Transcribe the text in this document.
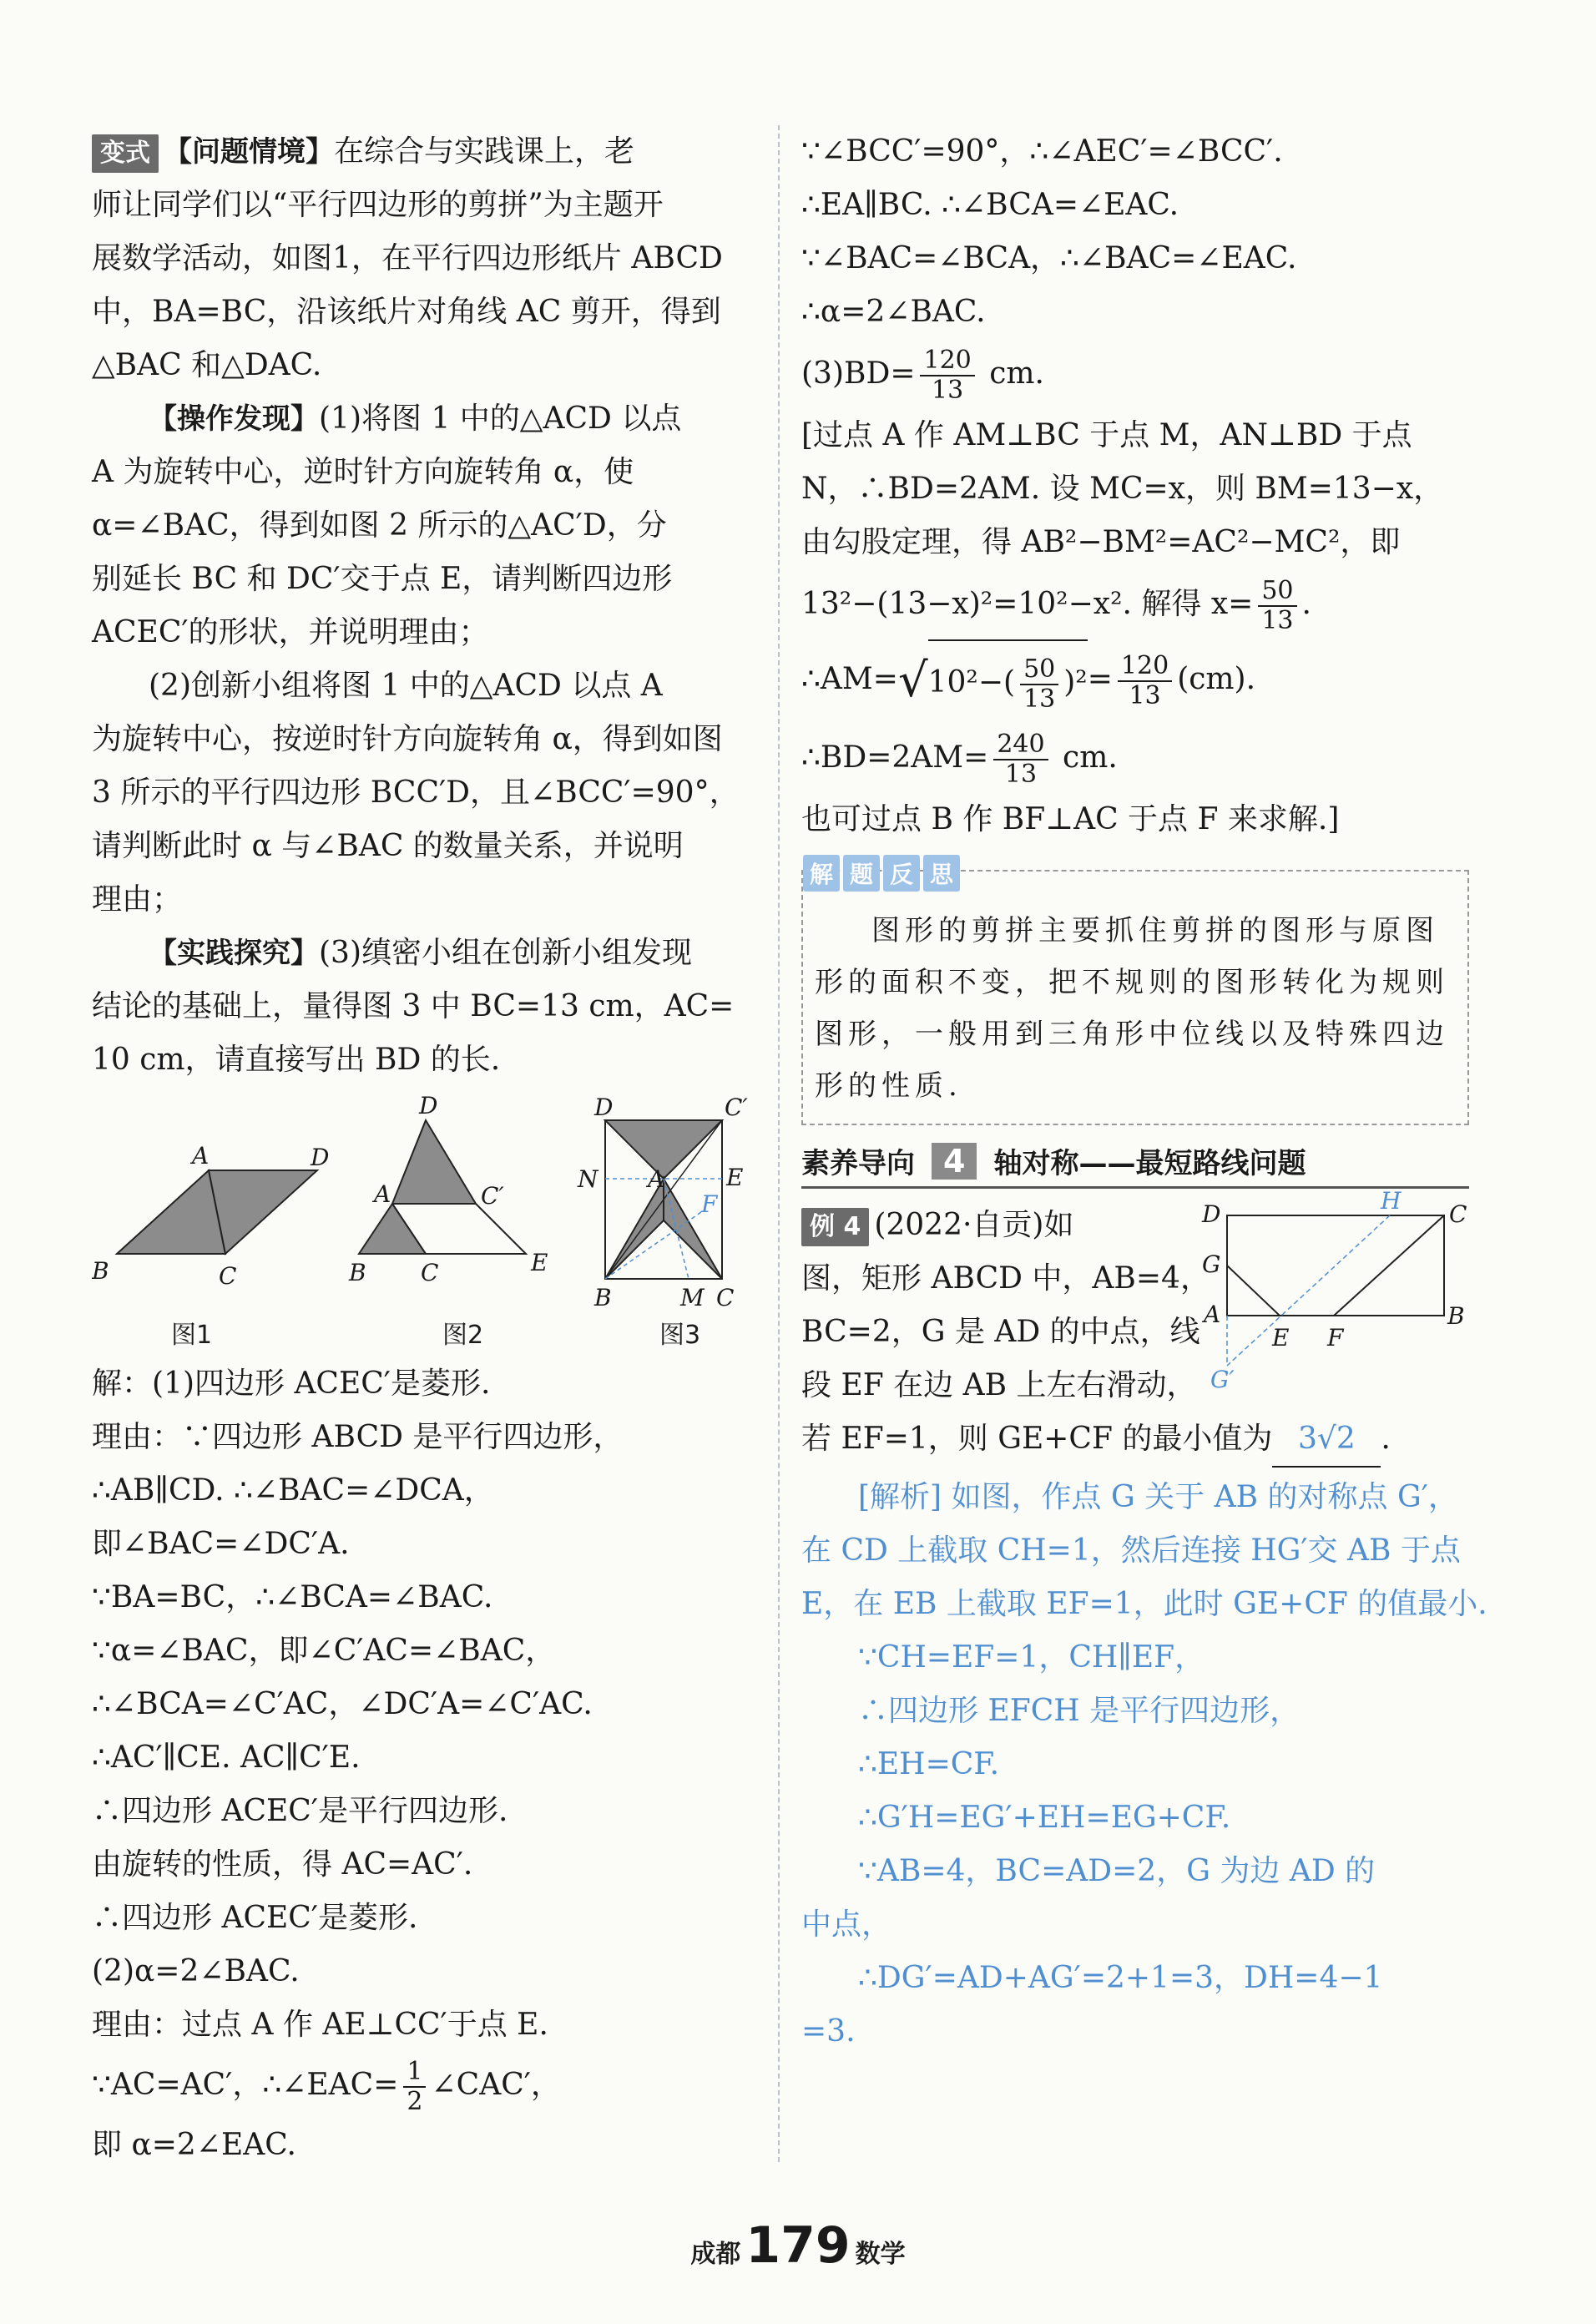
变式 【问题情境】在综合与实践课上，老

师让同学们以“平行四边形的剪拼”为主题开

展数学活动，如图1，在平行四边形纸片 ABCD

中，BA=BC，沿该纸片对角线 AC 剪开，得到

△BAC 和△DAC.

【操作发现】(1)将图 1 中的△ACD 以点

A 为旋转中心，逆时针方向旋转角 α，使

α=∠BAC，得到如图 2 所示的△AC′D，分

别延长 BC 和 DC′交于点 E，请判断四边形

ACEC′的形状，并说明理由；

(2)创新小组将图 1 中的△ACD 以点 A

为旋转中心，按逆时针方向旋转角 α，得到如图

3 所示的平行四边形 BCC′D，且∠BCC′=90°，

请判断此时 α 与∠BAC 的数量关系，并说明

理由；

【实践探究】(3)缜密小组在创新小组发现

结论的基础上，量得图 3 中 BC=13 cm，AC=

10 cm，请直接写出 BD 的长.

A	D
B	C
图1
D
A	C′
B C	E
图2
D	C′
N A	E
F
B	M C
图3

解：(1)四边形 ACEC′是菱形.

理由：∵四边形 ABCD 是平行四边形，

∴AB∥CD. ∴∠BAC=∠DCA，

即∠BAC=∠DC′A.

∵BA=BC，∴∠BCA=∠BAC.

∵α=∠BAC，即∠C′AC=∠BAC，

∴∠BCA=∠C′AC，∠DC′A=∠C′AC.

∴AC′∥CE. AC∥C′E.

∴四边形 ACEC′是平行四边形.

由旋转的性质，得 AC=AC′.

∴四边形 ACEC′是菱形.

(2)α=2∠BAC.

理由：过点 A 作 AE⊥CC′于点 E.

∵AC=AC′，∴∠EAC= $\frac{1}{2}$ ∠CAC′，

即 α=2∠EAC.

∵∠BCC′=90°，∴∠AEC′=∠BCC′.

∴EA∥BC. ∴∠BCA=∠EAC.

∵∠BAC=∠BCA，∴∠BAC=∠EAC.

∴α=2∠BAC.

$(3)BD= \frac{120}{13}$ cm.

[过点 A 作 AM⊥BC 于点 M，AN⊥BD 于点

N，∴BD=2AM. 设 MC=x，则 BM=13−x，

由勾股定理，得 AB²−BM²=AC²−MC²，即

13²−(13−x)²=10²−x². 解得 $x= \frac{50}{13}$ .

∴AM=√10²−( $\frac{50}{13} )^2= \frac{120}{13} (cm)$.

∴BD=2AM= $\frac{240}{13}$ cm.

也可过点 B 作 BF⊥AC 于点 F 来求解.]

解 题 反 思

图形的剪拼主要抓住剪拼的图形与原图

形的面积不变，把不规则的图形转化为规则

图形，一般用到三角形中位线以及特殊四边

形的性质.

素养导向 4	轴对称——最短路线问题

例 4 (2022·自贡)如

图，矩形 ABCD 中，AB=4，

BC=2，G 是 AD 的中点，线

段 EF 在边 AB 上左右滑动，

D	H C
G
A
E F
B
G′

若 EF=1，则 GE+CF 的最小值为 3√2 .

[解析] 如图，作点 G 关于 AB 的对称点 G′，

在 CD 上截取 CH=1，然后连接 HG′交 AB 于点

E，在 EB 上截取 EF=1，此时 GE+CF 的值最小.

∵CH=EF=1，CH∥EF，

∴四边形 EFCH 是平行四边形，

∴EH=CF.

∴G′H=EG′+EH=EG+CF.

∵AB=4，BC=AD=2，G 为边 AD 的

中点，

∴DG′=AD+AG′=2+1=3，DH=4−1

=3.

成都 179 数学
